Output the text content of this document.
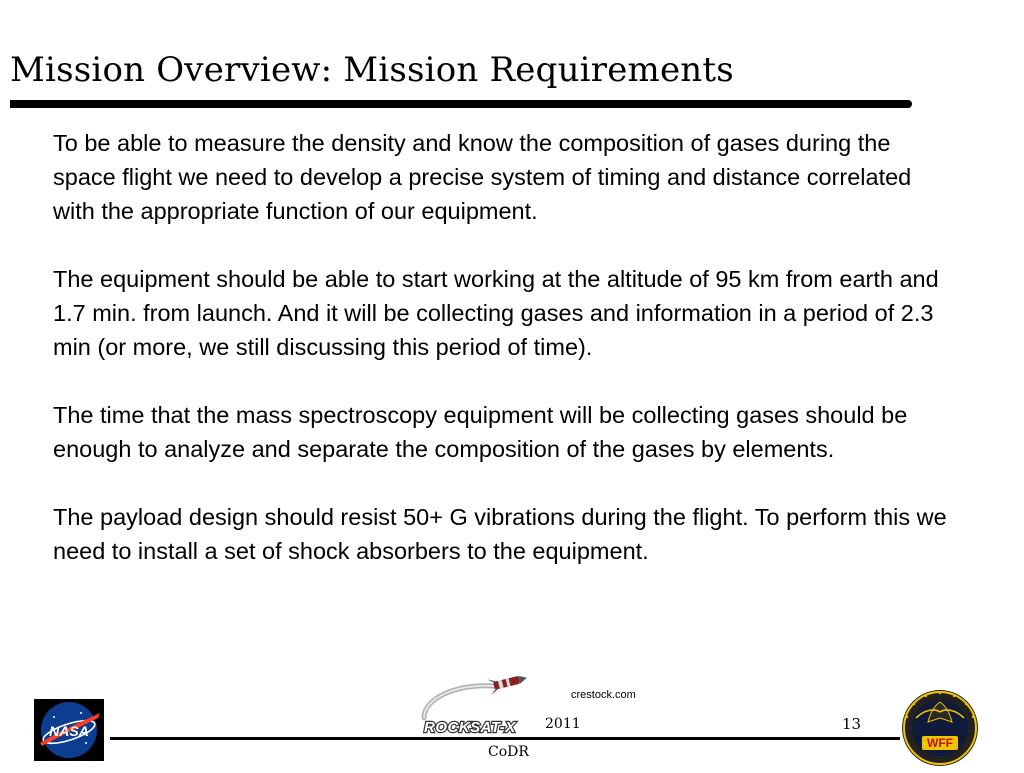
Mission Overview: Mission Requirements

To be able to measure the density and know the composition of gases during the space flight we need to develop a precise system of timing and distance correlated with the appropriate function of our equipment.

The equipment should be able to start working at the altitude of 95 km from earth and 1.7 min. from launch. And it will be collecting gases and information in a period of 2.3 min (or more, we still discussing this period of time).

The time that the mass spectroscopy equipment will be collecting gases should be enough to analyze and separate the composition of the gases by elements.

The payload design should resist 50+ G vibrations during the flight. To perform this we need to install a set of shock absorbers to the equipment.

crestock.com
NASA	ROCKSAT-X 2011	13
CoDR
WFF
